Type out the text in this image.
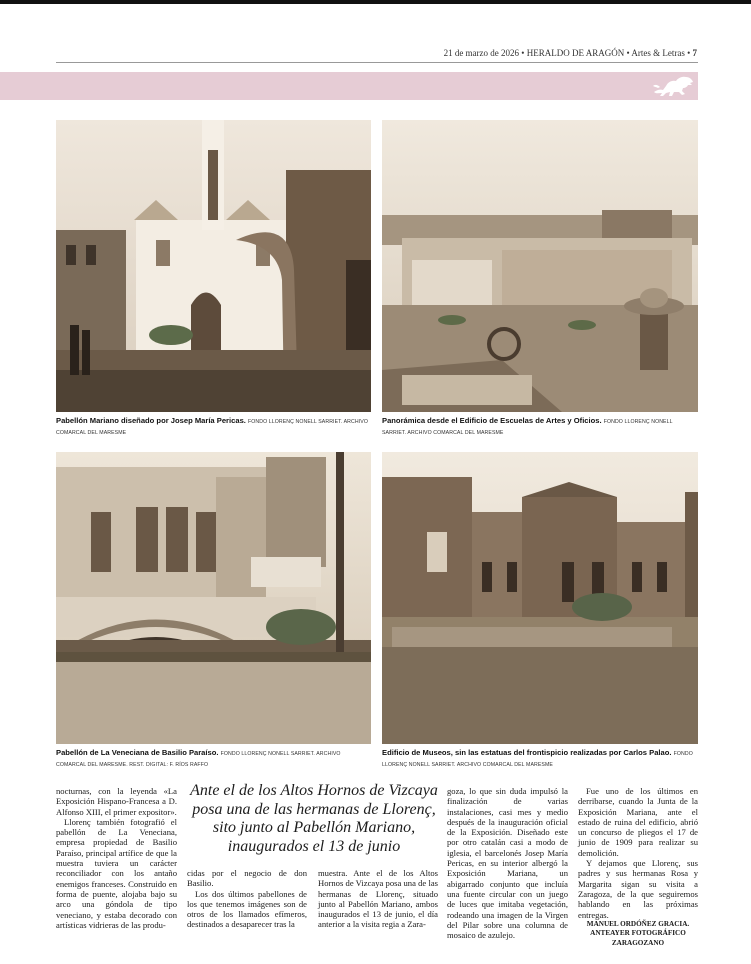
21 de marzo de 2026 • HERALDO DE ARAGÓN • Artes & Letras • 7
Pabellón Mariano diseñado por Josep María Pericas. FONDO LLORENÇ NONELL SARRIET. ARCHIVO COMARCAL DEL MARESME
Panorámica desde el Edificio de Escuelas de Artes y Oficios. FONDO LLORENÇ NONELL SARRIET. ARCHIVO COMARCAL DEL MARESME
Pabellón de La Veneciana de Basilio Paraíso. FONDO LLORENÇ NONELL SARRIET. ARCHIVO COMARCAL DEL MARESME. REST. DIGITAL: F. RÍOS RAFFO
Edificio de Museos, sin las estatuas del frontispicio realizadas por Carlos Palao. FONDO LLORENÇ NONELL SARRIET. ARCHIVO COMARCAL DEL MARESME

nocturnas, con la leyenda «La Exposición Hispano-Francesa a D. Alfonso XIII, el primer expositor».

Llorenç también fotografió el pabellón de La Veneciana, empresa propiedad de Basilio Paraíso, principal artífice de que la muestra tuviera un carácter reconciliador con los antaño enemigos franceses. Construido en forma de puente, alojaba bajo su arco una góndola de tipo veneciano, y estaba decorado con artísticas vidrieras de las produ-

Ante el de los Altos Hornos de Vizcaya posa una de las hermanas de Llorenç, sito junto al Pabellón Mariano, inaugurados el 13 de junio

cidas por el negocio de don Basilio.

Los dos últimos pabellones de los que tenemos imágenes son de otros de los llamados efímeros, destinados a desaparecer tras la

muestra. Ante el de los Altos Hornos de Vizcaya posa una de las hermanas de Llorenç, situado junto al Pabellón Mariano, ambos inaugurados el 13 de junio, el día anterior a la visita regia a Zara-

goza, lo que sin duda impulsó la finalización de varias instalaciones, casi mes y medio después de la inauguración oficial de la Exposición. Diseñado este por otro catalán casi a modo de iglesia, el barcelonés Josep María Pericas, en su interior albergó la Exposición Mariana, un abigarrado conjunto que incluía una fuente circular con un juego de luces que imitaba vegetación, rodeando una imagen de la Virgen del Pilar sobre una columna de mosaico de azulejo.

Fue uno de los últimos en derribarse, cuando la Junta de la Exposición Mariana, ante el estado de ruina del edificio, abrió un concurso de pliegos el 17 de junio de 1909 para realizar su demolición.

Y dejamos que Llorenç, sus padres y sus hermanas Rosa y Margarita sigan su visita a Zaragoza, de la que seguiremos hablando en las próximas entregas.

MANUEL ORDÓÑEZ GRACIA.
ANTEAYER FOTOGRÁFICO
ZARAGOZANO
